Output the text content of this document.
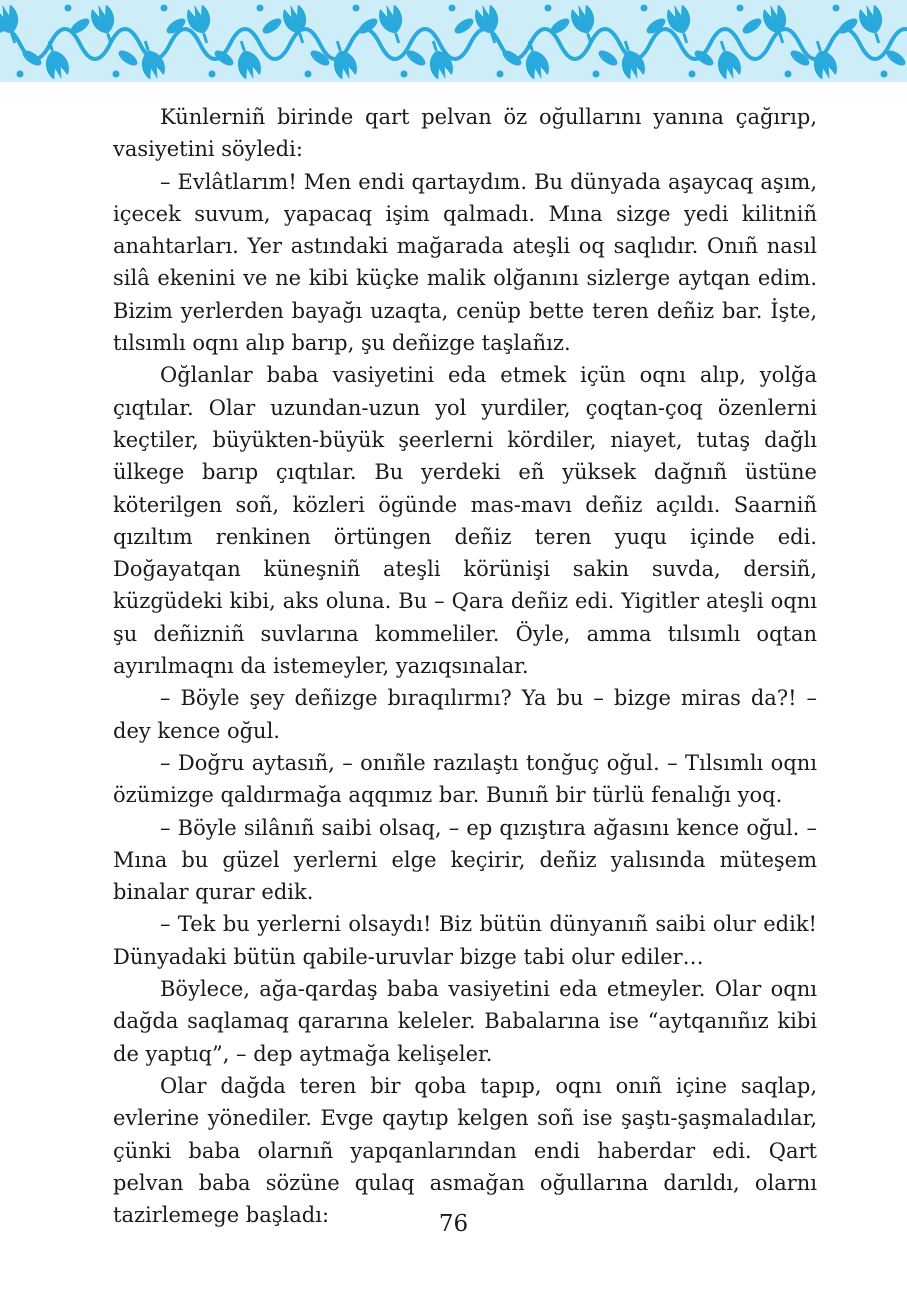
Künlerniñ birinde qart pelvan öz oğullarını yanına çağırıp, vasiyetini söyledi:

– Evlâtlarım! Men endi qartaydım. Bu dünyada aşaycaq aşım, içecek suvum, yapacaq işim qalmadı. Mına sizge yedi kilitniñ anahtarları. Yer astındaki mağarada ateşli oq saqlıdır. Onıñ nasıl silâ ekenini ve ne kibi küçke malik olğanını sizlerge aytqan edim. Bizim yerlerden bayağı uzaqta, cenüp bette teren deñiz bar. İşte, tılsımlı oqnı alıp barıp, şu deñizge taşlañız.

Oğlanlar baba vasiyetini eda etmek içün oqnı alıp, yolğa çıqtılar. Olar uzundan-uzun yol yurdiler, çoqtan-çoq özenlerni keçtiler, büyükten-büyük şeerlerni kördiler, niayet, tutaş dağlı ülkege barıp çıqtılar. Bu yerdeki eñ yüksek dağnıñ üstüne köterilgen soñ, közleri ögünde mas-mavı deñiz açıldı. Saarniñ qızıltım renkinen örtüngen deñiz teren yuqu içinde edi. Doğayatqan küneşniñ ateşli körünişi sakin suvda, dersiñ, küzgüdeki kibi, aks oluna. Bu – Qara deñiz edi. Yigitler ateşli oqnı şu deñizniñ suvlarına kommeliler. Öyle, amma tılsımlı oqtan ayırılmaqnı da istemeyler, yazıqsınalar.

– Böyle şey deñizge bıraqılırmı? Ya bu – bizge miras da?! – dey kence oğul.

– Doğru aytasıñ, – onıñle razılaştı tonğuç oğul. – Tılsımlı oqnı özümizge qaldırmağa aqqımız bar. Bunıñ bir türlü fenalığı yoq.

– Böyle silânıñ saibi olsaq, – ep qızıştıra ağasını kence oğul. – Mına bu güzel yerlerni elge keçirir, deñiz yalısında müteşem binalar qurar edik.

– Tek bu yerlerni olsaydı! Biz bütün dünyanıñ saibi olur edik! Dünyadaki bütün qabile-uruvlar bizge tabi olur ediler…

Böylece, ağa-qardaş baba vasiyetini eda etmeyler. Olar oqnı dağda saqlamaq qararına keleler. Babalarına ise “aytqanıñız kibi de yaptıq”, – dep aytmağa kelişeler.

Olar dağda teren bir qoba tapıp, oqnı onıñ içine saqlap, evlerine yönediler. Evge qaytıp kelgen soñ ise şaştı-şaşmaladılar, çünki baba olarnıñ yapqanlarından endi haberdar edi. Qart pelvan baba sözüne qulaq asmağan oğullarına darıldı, olarnı tazirlemege başladı:	76
